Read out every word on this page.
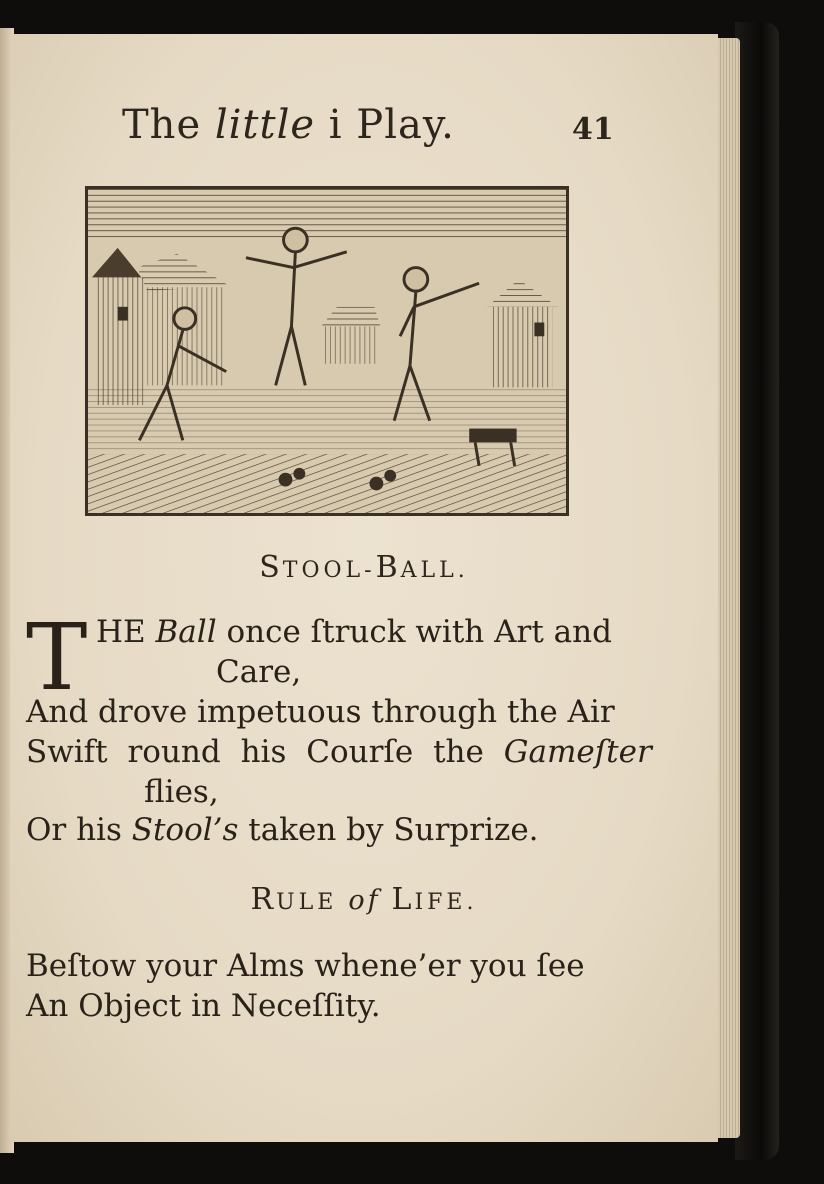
The little i Play.	41
STOOL-BALL.
T HE Ball once ſtruck with Art and
Care,
And drove impetuous through the Air
Swift round his Courſe the Gameſter
flies,
Or his Stool’s taken by Surprize.
RULE of LIFE.
Beſtow your Alms whene’er you ſee
An Object in Neceſſity.
